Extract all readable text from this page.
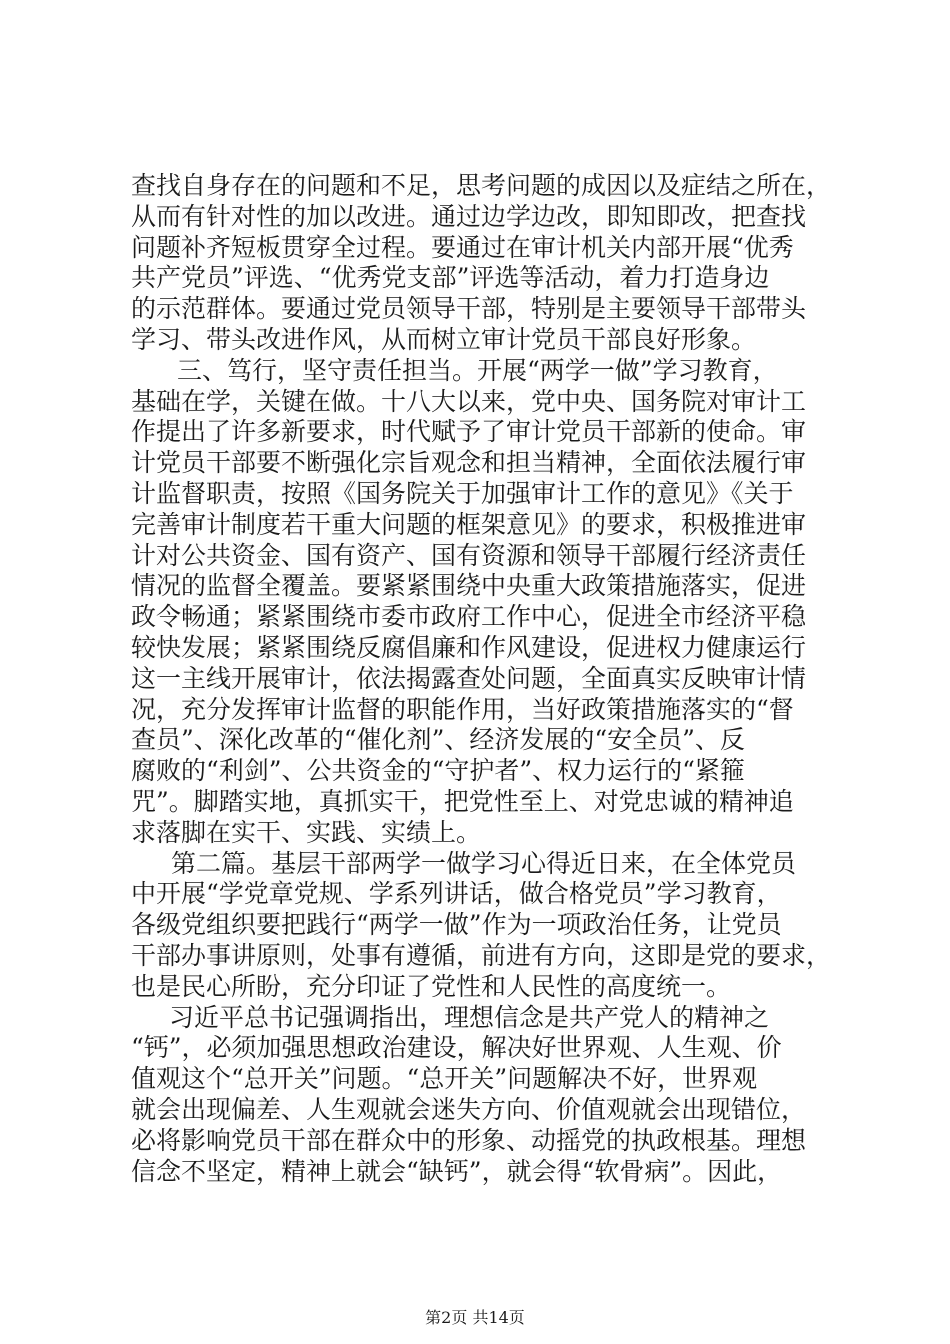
查找自身存在的问题和不足，思考问题的成因以及症结之所在，
从而有针对性的加以改进。通过边学边改，即知即改，把查找
问题补齐短板贯穿全过程。要通过在审计机关内部开展“优秀
共产党员”评选、“优秀党支部”评选等活动，着力打造身边
的示范群体。要通过党员领导干部，特别是主要领导干部带头
学习、带头改进作风，从而树立审计党员干部良好形象。
三、笃行，坚守责任担当。开展“两学一做”学习教育，
基础在学，关键在做。十八大以来，党中央、国务院对审计工
作提出了许多新要求，时代赋予了审计党员干部新的使命。审
计党员干部要不断强化宗旨观念和担当精神，全面依法履行审
计监督职责，按照《国务院关于加强审计工作的意见》《关于
完善审计制度若干重大问题的框架意见》的要求，积极推进审
计对公共资金、国有资产、国有资源和领导干部履行经济责任
情况的监督全覆盖。要紧紧围绕中央重大政策措施落实，促进
政令畅通；紧紧围绕市委市政府工作中心，促进全市经济平稳
较快发展；紧紧围绕反腐倡廉和作风建设，促进权力健康运行
这一主线开展审计，依法揭露查处问题，全面真实反映审计情
况，充分发挥审计监督的职能作用，当好政策措施落实的“督
查员”、深化改革的“催化剂”、经济发展的“安全员”、反
腐败的“利剑”、公共资金的“守护者”、权力运行的“紧箍
咒”。脚踏实地，真抓实干，把党性至上、对党忠诚的精神追
求落脚在实干、实践、实绩上。
第二篇。基层干部两学一做学习心得近日来，在全体党员
中开展“学党章党规、学系列讲话，做合格党员”学习教育，
各级党组织要把践行“两学一做”作为一项政治任务，让党员
干部办事讲原则，处事有遵循，前进有方向，这即是党的要求，
也是民心所盼，充分印证了党性和人民性的高度统一。
习近平总书记强调指出，理想信念是共产党人的精神之
“钙”，必须加强思想政治建设，解决好世界观、人生观、价
值观这个“总开关”问题。“总开关”问题解决不好，世界观
就会出现偏差、人生观就会迷失方向、价值观就会出现错位，
必将影响党员干部在群众中的形象、动摇党的执政根基。理想
信念不坚定，精神上就会“缺钙”，就会得“软骨病”。因此，
第2页 共14页
